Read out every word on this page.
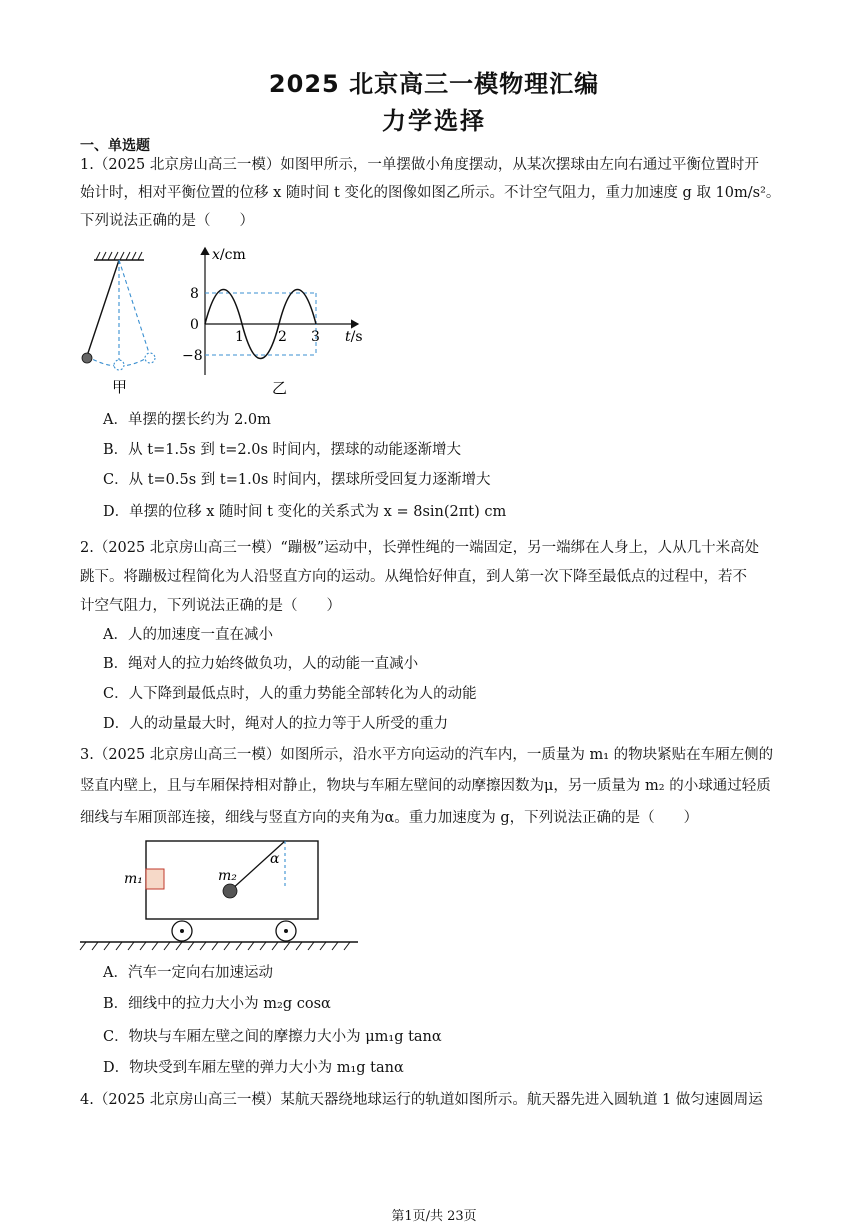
2025 北京高三一模物理汇编
力学选择
一、单选题
1.（2025 北京房山高三一模）如图甲所示，一单摆做小角度摆动，从某次摆球由左向右通过平衡位置时开
始计时，相对平衡位置的位移 x 随时间 t 变化的图像如图乙所示。不计空气阻力，重力加速度 g 取 10m/s²。
下列说法正确的是（　　）
甲
x/cm
8
0
−8
1 2 3 t/s
乙
A．单摆的摆长约为 2.0m
B．从 t=1.5s 到 t=2.0s 时间内，摆球的动能逐渐增大
C．从 t=0.5s 到 t=1.0s 时间内，摆球所受回复力逐渐增大
D．单摆的位移 x 随时间 t 变化的关系式为 x = 8sin(2πt) cm
2.（2025 北京房山高三一模）“蹦极”运动中，长弹性绳的一端固定，另一端绑在人身上，人从几十米高处
跳下。将蹦极过程简化为人沿竖直方向的运动。从绳恰好伸直，到人第一次下降至最低点的过程中，若不
计空气阻力，下列说法正确的是（　　）
A．人的加速度一直在减小
B．绳对人的拉力始终做负功，人的动能一直减小
C．人下降到最低点时，人的重力势能全部转化为人的动能
D．人的动量最大时，绳对人的拉力等于人所受的重力
3.（2025 北京房山高三一模）如图所示，沿水平方向运动的汽车内，一质量为 m₁ 的物块紧贴在车厢左侧的
竖直内壁上，且与车厢保持相对静止，物块与车厢左壁间的动摩擦因数为μ，另一质量为 m₂ 的小球通过轻质
细线与车厢顶部连接，细线与竖直方向的夹角为α。重力加速度为 g，下列说法正确的是（　　）
m₁
α
m₂
A．汽车一定向右加速运动
B．细线中的拉力大小为 m₂g cosα
C．物块与车厢左壁之间的摩擦力大小为 μm₁g tanα
D．物块受到车厢左壁的弹力大小为 m₁g tanα
4.（2025 北京房山高三一模）某航天器绕地球运行的轨道如图所示。航天器先进入圆轨道 1 做匀速圆周运
第1页/共 23页
